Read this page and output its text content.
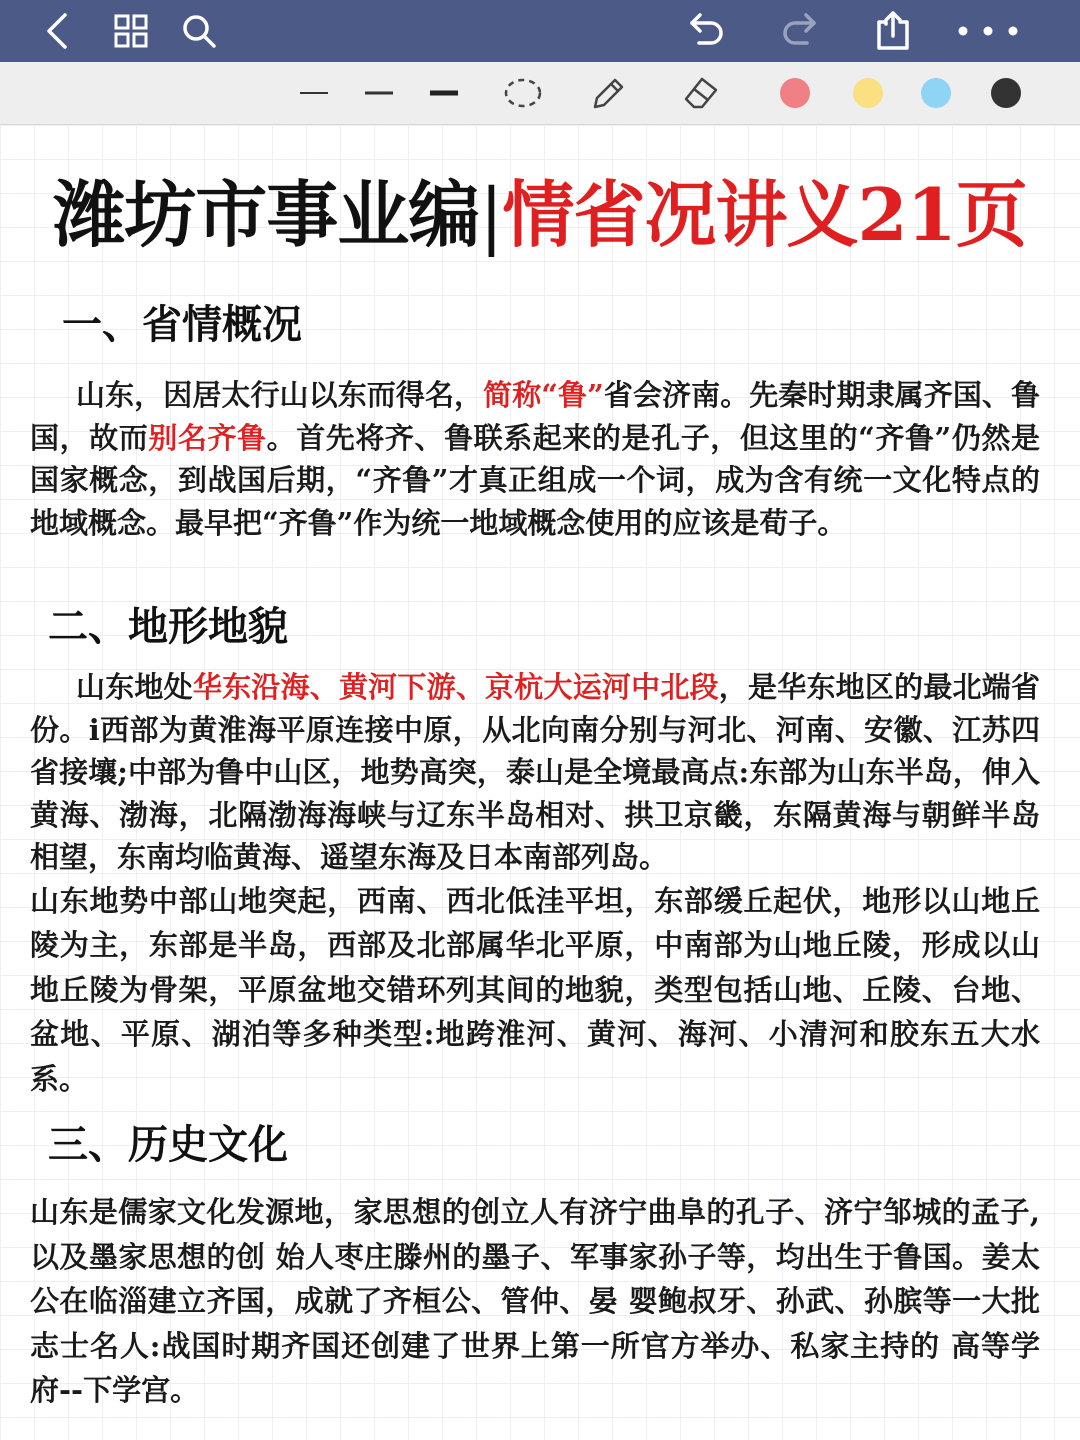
潍坊市事业编|情省况讲义21页
一、省情概况

山东，因居太行山以东而得名，简称“鲁”省会济南。先秦时期隶属齐国、鲁国，故而别名齐鲁。首先将齐、鲁联系起来的是孔子，但这里的“齐鲁”仍然是国家概念，到战国后期，“齐鲁”才真正组成一个词，成为含有统一文化特点的地域概念。最早把“齐鲁”作为统一地域概念使用的应该是荀子。

二、地形地貌

山东地处华东沿海、黄河下游、京杭大运河中北段，是华东地区的最北端省份。i西部为黄淮海平原连接中原，从北向南分别与河北、河南、安徽、江苏四省接壤;中部为鲁中山区，地势高突，泰山是全境最高点:东部为山东半岛，伸入黄海、渤海，北隔渤海海峡与辽东半岛相对、拱卫京畿，东隔黄海与朝鲜半岛相望，东南均临黄海、遥望东海及日本南部列岛。

山东地势中部山地突起，西南、西北低洼平坦，东部缓丘起伏，地形以山地丘陵为主，东部是半岛，西部及北部属华北平原，中南部为山地丘陵，形成以山地丘陵为骨架，平原盆地交错环列其间的地貌，类型包括山地、丘陵、台地、盆地、平原、湖泊等多种类型:地跨淮河、黄河、海河、小清河和胶东五大水系。

三、历史文化

山东是儒家文化发源地，家思想的创立人有济宁曲阜的孔子、济宁邹城的孟子,以及墨家思想的创 始人枣庄滕州的墨子、军事家孙子等，均出生于鲁国。姜太公在临淄建立齐国，成就了齐桓公、管仲、晏 婴鲍叔牙、孙武、孙膑等一大批志士名人:战国时期齐国还创建了世界上第一所官方举办、私家主持的 高等学府--下学宫。
